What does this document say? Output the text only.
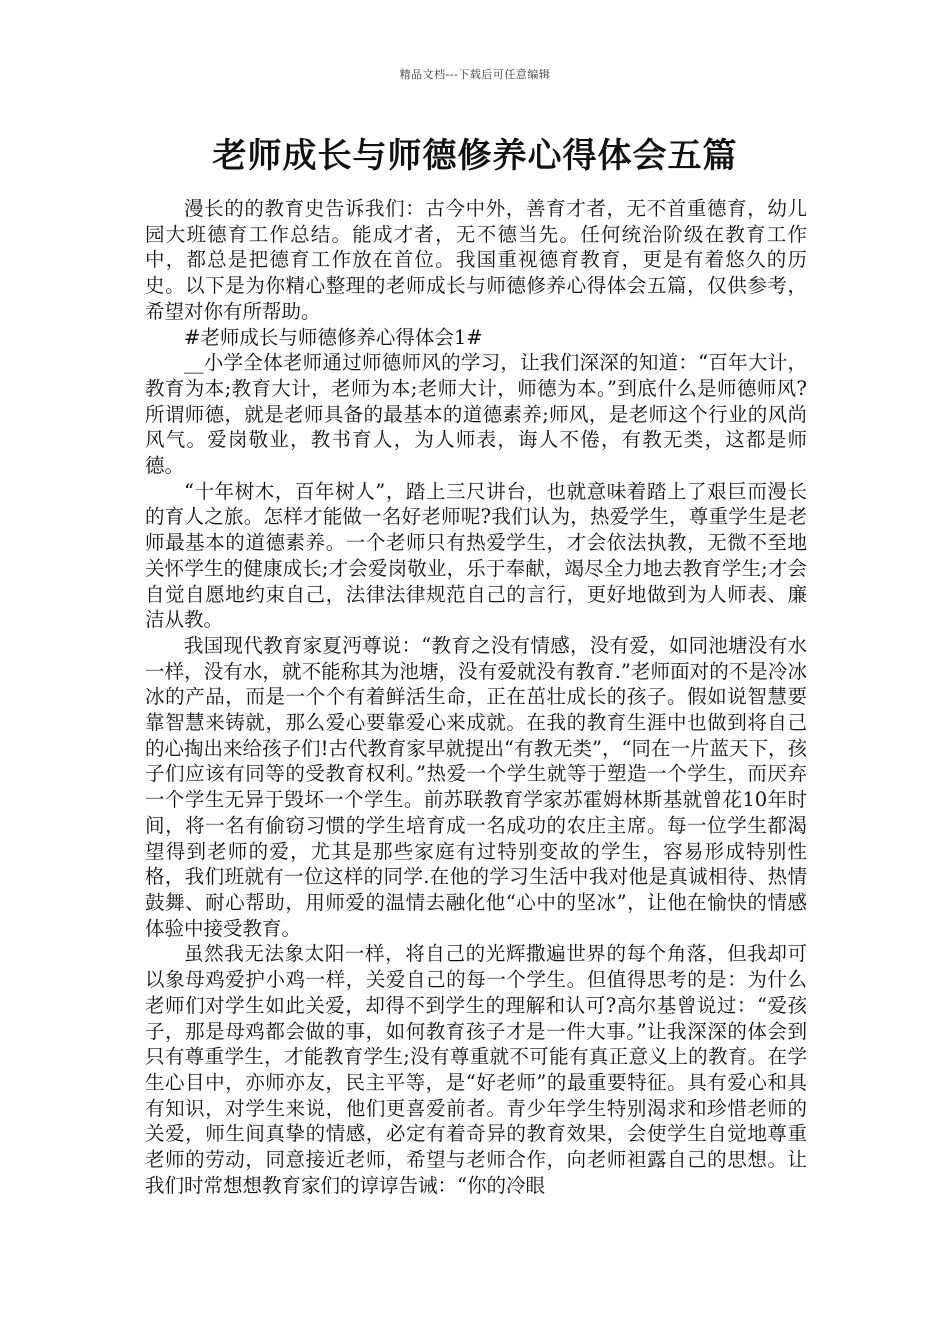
精品文档---下载后可任意编辑
老师成长与师德修养心得体会五篇

漫长的的教育史告诉我们：古今中外，善育才者，无不首重德育，幼儿园大班德育工作总结。能成才者，无不德当先。任何统治阶级在教育工作中，都总是把德育工作放在首位。我国重视德育教育，更是有着悠久的历史。以下是为你精心整理的老师成长与师德修养心得体会五篇，仅供参考，希望对你有所帮助。

#老师成长与师德修养心得体会1#

__小学全体老师通过师德师风的学习，让我们深深的知道：“百年大计，教育为本;教育大计，老师为本;老师大计，师德为本。”到底什么是师德师风?所谓师德，就是老师具备的最基本的道德素养;师风，是老师这个行业的风尚风气。爱岗敬业，教书育人，为人师表，诲人不倦，有教无类，这都是师德。

“十年树木，百年树人”，踏上三尺讲台，也就意味着踏上了艰巨而漫长的育人之旅。怎样才能做一名好老师呢?我们认为，热爱学生，尊重学生是老师最基本的道德素养。一个老师只有热爱学生，才会依法执教，无微不至地关怀学生的健康成长;才会爱岗敬业，乐于奉献，竭尽全力地去教育学生;才会自觉自愿地约束自己，法律法律规范自己的言行，更好地做到为人师表、廉洁从教。

我国现代教育家夏沔尊说：“教育之没有情感，没有爱，如同池塘没有水一样，没有水，就不能称其为池塘，没有爱就没有教育.”老师面对的不是冷冰冰的产品，而是一个个有着鲜活生命，正在茁壮成长的孩子。假如说智慧要靠智慧来铸就，那么爱心要靠爱心来成就。在我的教育生涯中也做到将自己的心掏出来给孩子们!古代教育家早就提出“有教无类”，“同在一片蓝天下，孩子们应该有同等的受教育权利。”热爱一个学生就等于塑造一个学生，而厌弃一个学生无异于毁坏一个学生。前苏联教育学家苏霍姆林斯基就曾花10年时间，将一名有偷窃习惯的学生培育成一名成功的农庄主席。每一位学生都渴望得到老师的爱，尤其是那些家庭有过特别变故的学生，容易形成特别性格，我们班就有一位这样的同学.在他的学习生活中我对他是真诚相待、热情鼓舞、耐心帮助，用师爱的温情去融化他“心中的坚冰”，让他在愉快的情感体验中接受教育。

虽然我无法象太阳一样，将自己的光辉撒遍世界的每个角落，但我却可以象母鸡爱护小鸡一样，关爱自己的每一个学生。但值得思考的是：为什么老师们对学生如此关爱，却得不到学生的理解和认可?高尔基曾说过：“爱孩子，那是母鸡都会做的事，如何教育孩子才是一件大事。”让我深深的体会到只有尊重学生，才能教育学生;没有尊重就不可能有真正意义上的教育。在学生心目中，亦师亦友，民主平等，是“好老师”的最重要特征。具有爱心和具有知识，对学生来说，他们更喜爱前者。青少年学生特别渴求和珍惜老师的关爱，师生间真挚的情感，必定有着奇异的教育效果，会使学生自觉地尊重老师的劳动，同意接近老师，希望与老师合作，向老师袒露自己的思想。让我们时常想想教育家们的谆谆告诫：“你的冷眼
